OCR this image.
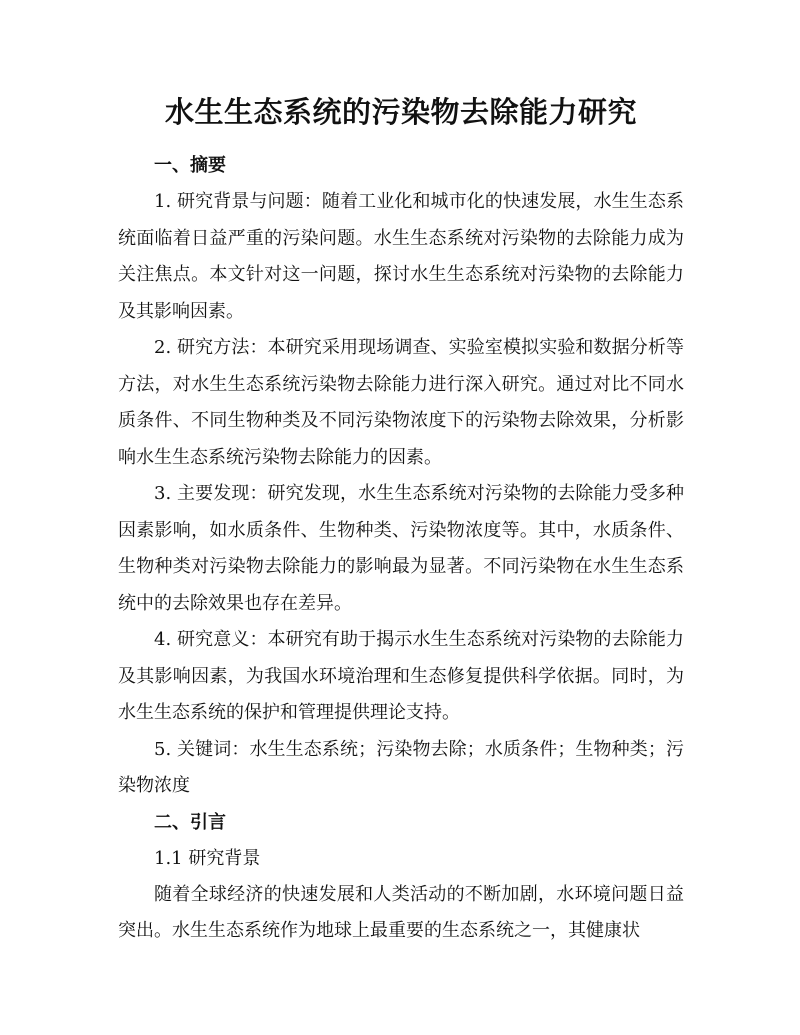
水生生态系统的污染物去除能力研究
一、摘要

1. 研究背景与问题：随着工业化和城市化的快速发展，水生生态系统面临着日益严重的污染问题。水生生态系统对污染物的去除能力成为关注焦点。本文针对这一问题，探讨水生生态系统对污染物的去除能力及其影响因素。

2. 研究方法：本研究采用现场调查、实验室模拟实验和数据分析等方法，对水生生态系统污染物去除能力进行深入研究。通过对比不同水质条件、不同生物种类及不同污染物浓度下的污染物去除效果，分析影响水生生态系统污染物去除能力的因素。

3. 主要发现：研究发现，水生生态系统对污染物的去除能力受多种因素影响，如水质条件、生物种类、污染物浓度等。其中，水质条件、生物种类对污染物去除能力的影响最为显著。不同污染物在水生生态系统中的去除效果也存在差异。

4. 研究意义：本研究有助于揭示水生生态系统对污染物的去除能力及其影响因素，为我国水环境治理和生态修复提供科学依据。同时，为水生生态系统的保护和管理提供理论支持。

5. 关键词：水生生态系统；污染物去除；水质条件；生物种类；污染物浓度

二、引言
1.1 研究背景

随着全球经济的快速发展和人类活动的不断加剧，水环境问题日益突出。水生生态系统作为地球上最重要的生态系统之一，其健康状
